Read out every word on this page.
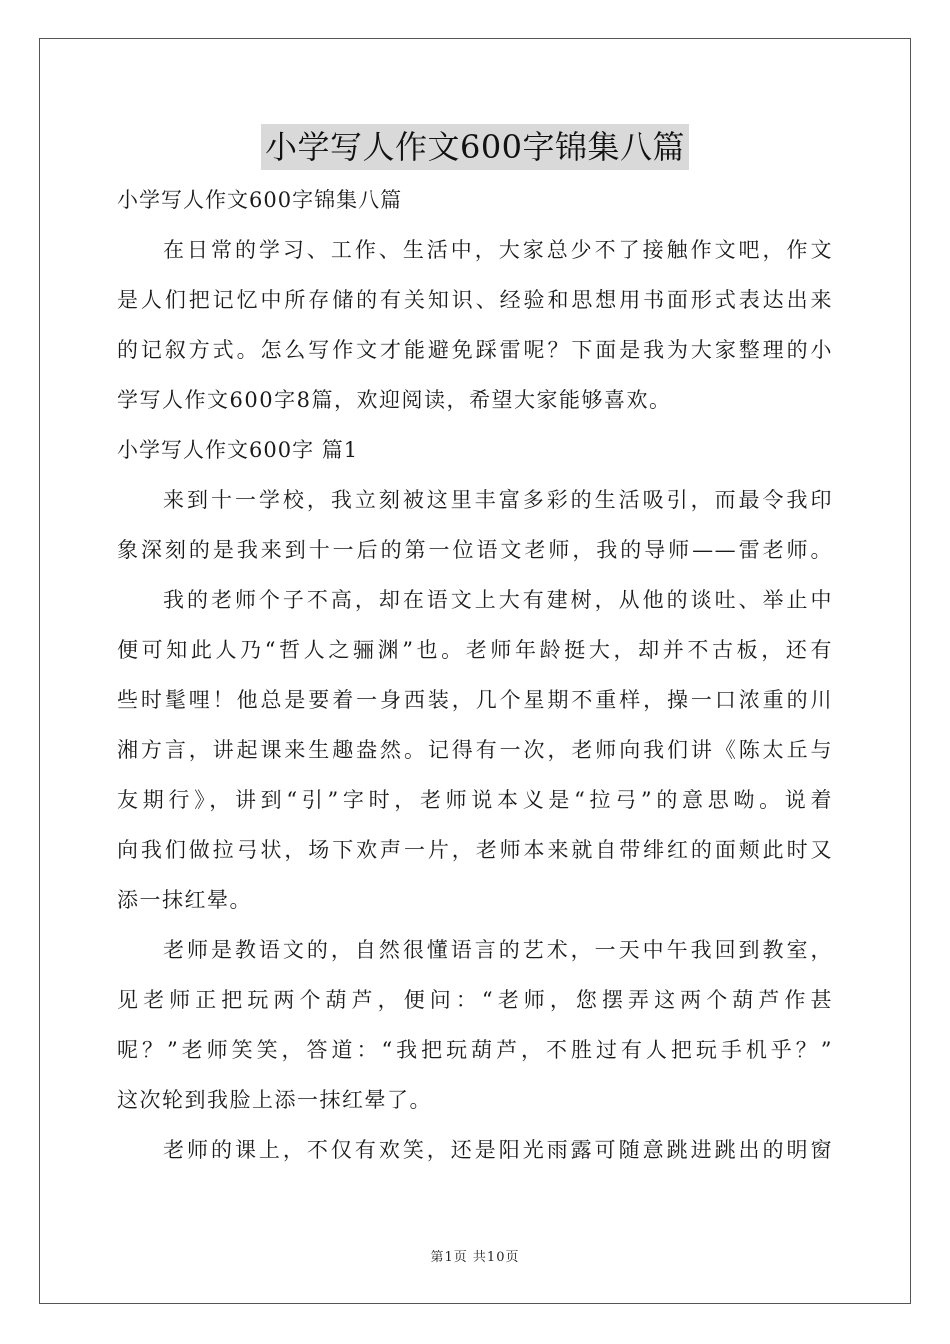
小学写人作文600字锦集八篇
小学写人作文600字锦集八篇
在日常的学习、工作、生活中，大家总少不了接触作文吧，作文
是人们把记忆中所存储的有关知识、经验和思想用书面形式表达出来
的记叙方式。怎么写作文才能避免踩雷呢？下面是我为大家整理的小
学写人作文600字8篇，欢迎阅读，希望大家能够喜欢。
小学写人作文600字 篇1
来到十一学校，我立刻被这里丰富多彩的生活吸引，而最令我印
象深刻的是我来到十一后的第一位语文老师，我的导师——雷老师。
我的老师个子不高，却在语文上大有建树，从他的谈吐、举止中
便可知此人乃“哲人之骊渊”也。老师年龄挺大，却并不古板，还有
些时髦哩！他总是要着一身西装，几个星期不重样，操一口浓重的川
湘方言，讲起课来生趣盎然。记得有一次，老师向我们讲《陈太丘与
友期行》，讲到“引”字时，老师说本义是“拉弓”的意思呦。说着
向我们做拉弓状，场下欢声一片，老师本来就自带绯红的面颊此时又
添一抹红晕。
老师是教语文的，自然很懂语言的艺术，一天中午我回到教室，
见老师正把玩两个葫芦，便问：“老师，您摆弄这两个葫芦作甚
呢？”老师笑笑，答道：“我把玩葫芦，不胜过有人把玩手机乎？”
这次轮到我脸上添一抹红晕了。
老师的课上，不仅有欢笑，还是阳光雨露可随意跳进跳出的明窗
第1页 共10页
